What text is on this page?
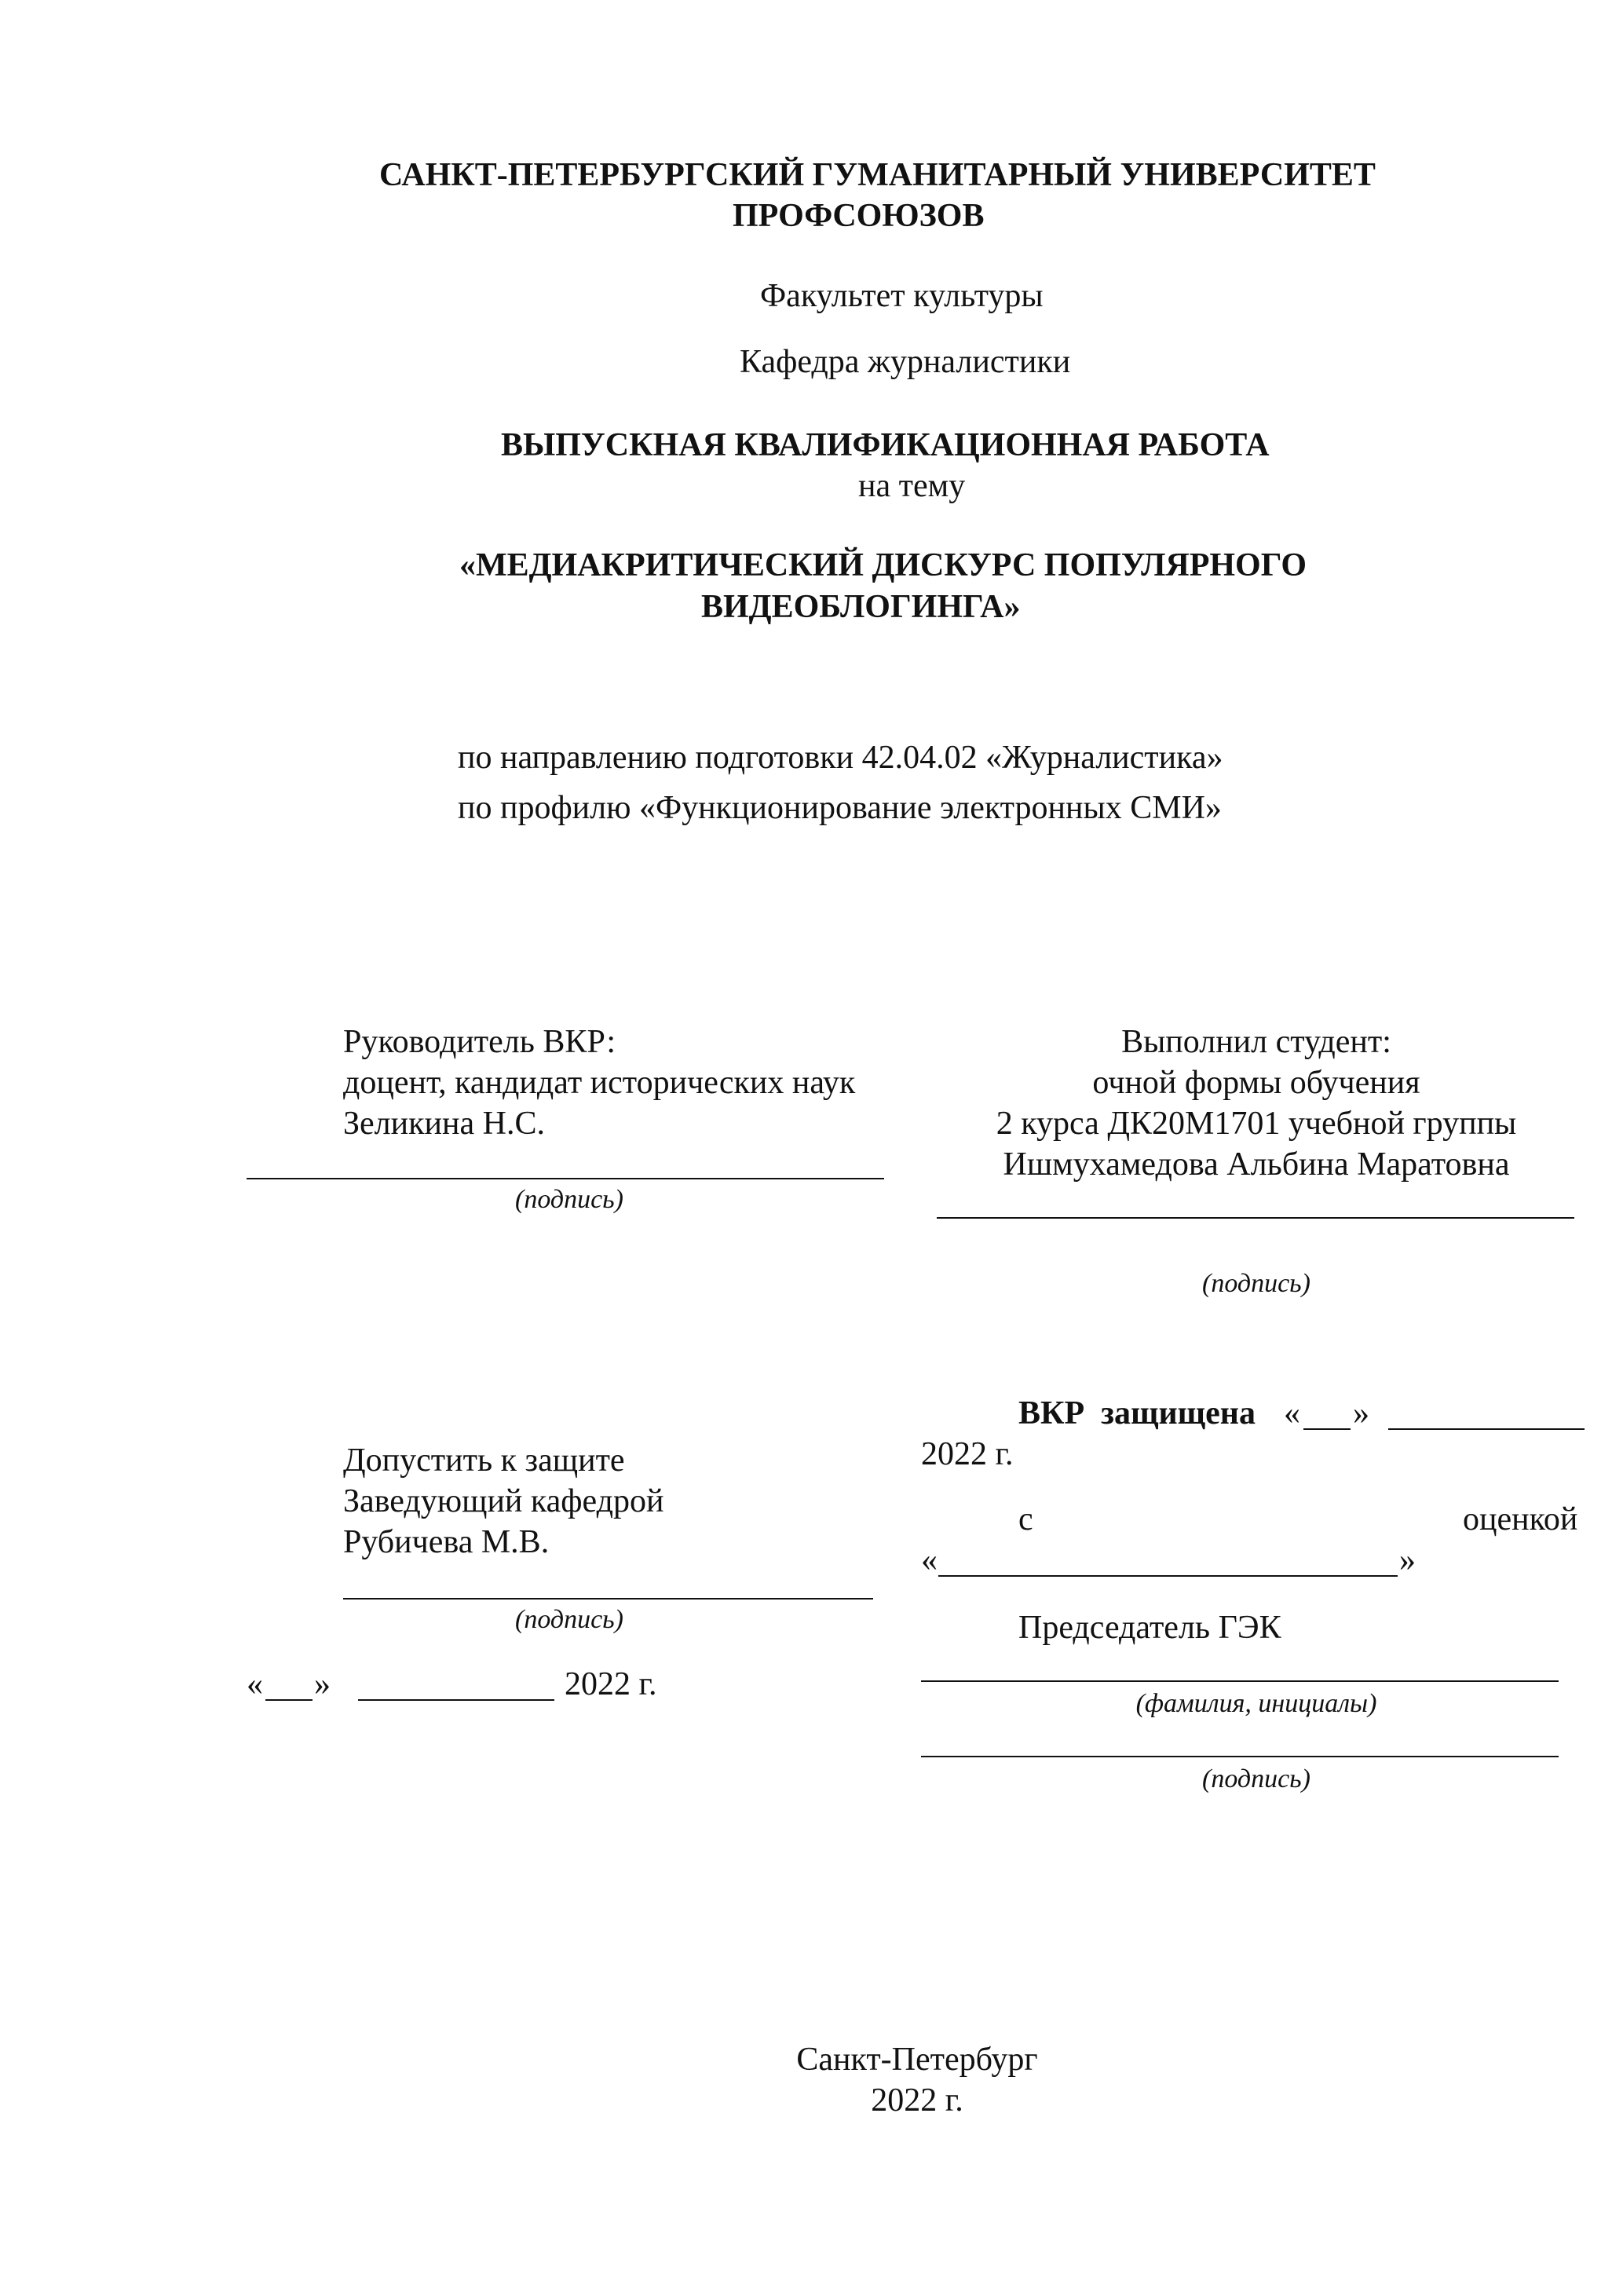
САНКТ-ПЕТЕРБУРГСКИЙ ГУМАНИТАРНЫЙ УНИВЕРСИТЕТ
ПРОФСОЮЗОВ
Факультет культуры
Кафедра журналистики
ВЫПУСКНАЯ КВАЛИФИКАЦИОННАЯ РАБОТА
на тему
«МЕДИАКРИТИЧЕСКИЙ ДИСКУРС ПОПУЛЯРНОГО
ВИДЕОБЛОГИНГА»
по направлению подготовки 42.04.02 «Журналистика»
по профилю «Функционирование электронных СМИ»
Руководитель ВКР:
доцент, кандидат исторических наук
Зеликина Н.С.
(подпись)
Выполнил студент:
очной формы обучения
2 курса ДК20М1701 учебной группы
Ишмухамедова Альбина Маратовна
(подпись)
Допустить к защите
Заведующий кафедрой
Рубичева М.В.
(подпись)
« »	2022 г.
ВКР  защищена « »
2022 г.
с	оценкой
«	»
Председатель ГЭК
(фамилия, инициалы)
(подпись)
Санкт-Петербург
2022 г.
